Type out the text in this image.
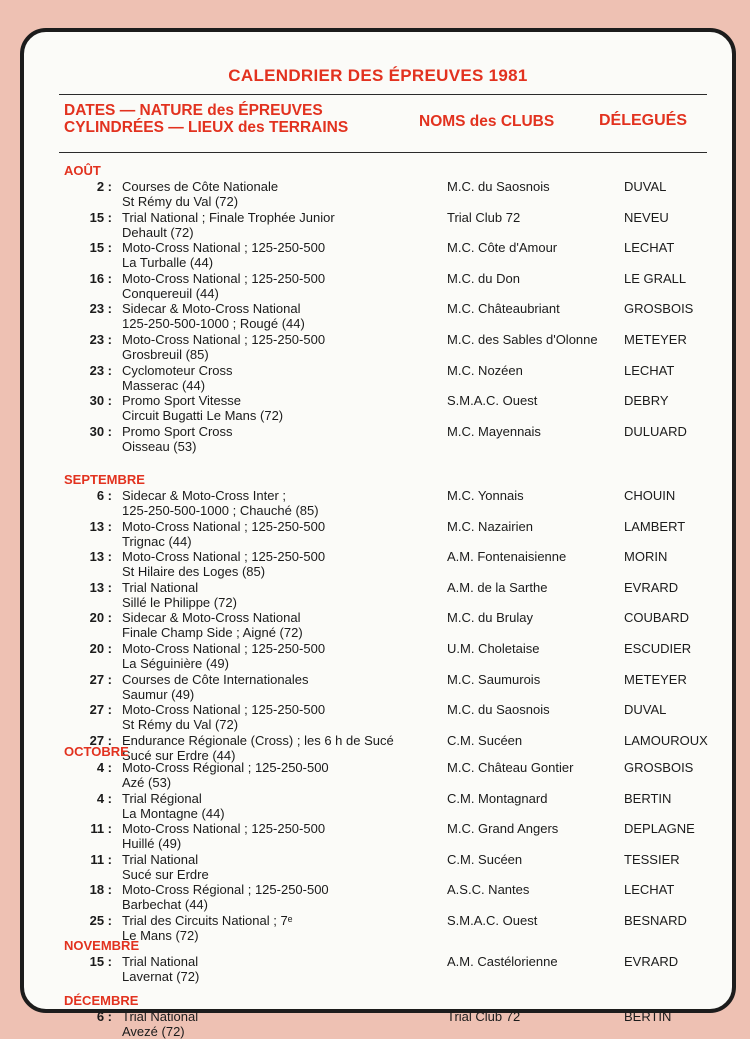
CALENDRIER DES ÉPREUVES 1981
DATES — NATURE des ÉPREUVES
CYLINDRÉES — LIEUX des TERRAINS	NOMS des CLUBS	DÉLEGUÉS
AOÛT
2 : Courses de Côte Nationale
St Rémy du Val (72)
M.C. du Saosnois	DUVAL
15 : Trial National ; Finale Trophée Junior
Dehault (72)
Trial Club 72	NEVEU
15 : Moto-Cross National ; 125-250-500
La Turballe (44)
M.C. Côte d'Amour	LECHAT
16 : Moto-Cross National ; 125-250-500
Conquereuil (44)
M.C. du Don	LE GRALL
23 : Sidecar & Moto-Cross National
125-250-500-1000 ; Rougé (44)
M.C. Châteaubriant	GROSBOIS
23 : Moto-Cross National ; 125-250-500
Grosbreuil (85)
M.C. des Sables d'Olonne	METEYER
23 : Cyclomoteur Cross
Masserac (44)
M.C. Nozéen	LECHAT
30 : Promo Sport Vitesse
Circuit Bugatti Le Mans (72)
S.M.A.C. Ouest	DEBRY
30 : Promo Sport Cross
Oisseau (53)
M.C. Mayennais	DULUARD
SEPTEMBRE
6 : Sidecar & Moto-Cross Inter ;
125-250-500-1000 ; Chauché (85)
M.C. Yonnais	CHOUIN
13 : Moto-Cross National ; 125-250-500
Trignac (44)
M.C. Nazairien	LAMBERT
13 : Moto-Cross National ; 125-250-500
St Hilaire des Loges (85)
A.M. Fontenaisienne	MORIN
13 : Trial National
Sillé le Philippe (72)
A.M. de la Sarthe	EVRARD
20 : Sidecar & Moto-Cross National
Finale Champ Side ; Aigné (72)
M.C. du Brulay	COUBARD
20 : Moto-Cross National ; 125-250-500
La Séguinière (49)
U.M. Choletaise	ESCUDIER
27 : Courses de Côte Internationales
Saumur (49)
M.C. Saumurois	METEYER
27 : Moto-Cross National ; 125-250-500
St Rémy du Val (72)
M.C. du Saosnois	DUVAL
27 : Endurance Régionale (Cross) ; les 6 h de Sucé
Sucé sur Erdre (44)
C.M. Sucéen	LAMOUROUX
OCTOBRE
4 : Moto-Cross Régional ; 125-250-500
Azé (53)
M.C. Château Gontier	GROSBOIS
4 : Trial Régional
La Montagne (44)
C.M. Montagnard	BERTIN
11 : Moto-Cross National ; 125-250-500
Huillé (49)
M.C. Grand Angers	DEPLAGNE
11 : Trial National
Sucé sur Erdre
C.M. Sucéen	TESSIER
18 : Moto-Cross Régional ; 125-250-500
Barbechat (44)
A.S.C. Nantes	LECHAT
25 : Trial des Circuits National ; 7ᵉ
Le Mans (72)
S.M.A.C. Ouest	BESNARD
NOVEMBRE
15 : Trial National
Lavernat (72)
A.M. Castélorienne	EVRARD
DÉCEMBRE
6 : Trial National
Avezé (72)
Trial Club 72	BERTIN
